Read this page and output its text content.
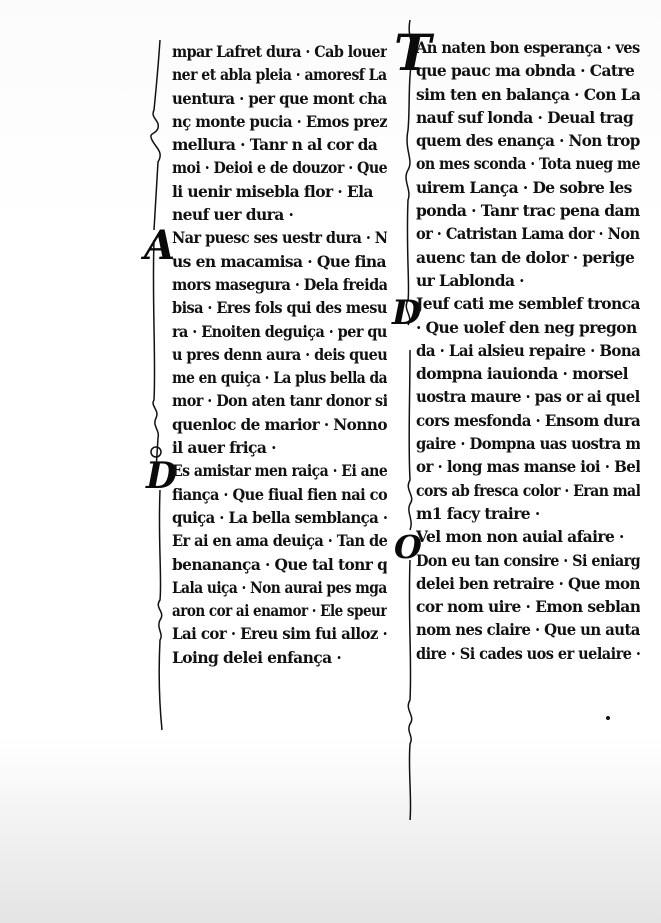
A
D
T
D
O
mpar Lafret dura · Cab louer
ner et abla pleia · amoresf La
uentura · per que mont cha
nç monte pucia · Emos prez
mellura · Tanr n al cor da
moi · Deioi e de douzor · Que
li uenir misebla flor · Ela
neuf uer dura ·
Nar puesc ses uestr dura · N
us en macamisa · Que fina
mors masegura · Dela freida
bisa · Eres fols qui des mesu
ra · Enoiten deguiça · per qu
u pres denn aura · deis queu
me en quiça · La plus bella da
mor · Don aten tanr donor si
quenloc de marior · Nonno
il auer friça ·
Es amistar men raiça · Ei ane
fiança · Que fiual fien nai co
quiça · La bella semblança ·
Er ai en ama deuiça · Tan de
benanança · Que tal tonr q
Lala uiça · Non aurai pes mga
aron cor ai enamor · Ele speur
Lai cor · Ereu sim fui alloz ·
Loing delei enfança ·
An naten bon esperança · ves
que pauc ma obnda · Catre
sim ten en balança · Con La
nauf suf londa · Deual trag
quem des enança · Non trop
on mes sconda · Tota nueg me
uirem Lança · De sobre les
ponda · Tanr trac pena dam
or · Catristan Lama dor · Non
auenc tan de dolor · perige
ur Lablonda ·
Jeuf cati me semblef tronca
· Que uolef den neg pregon
da · Lai alsieu repaire · Bona
dompna iauionda · morsel
uostra maure · pas or ai quel
cors mesfonda · Ensom dura
gaire · Dompna uas uostra m
or · long mas manse ioi · Bel
cors ab fresca color · Eran mal
m1 facy traire ·
Vel mon non auial afaire ·
Don eu tan consire · Si eniarg
delei ben retraire · Que mon
cor nom uire · Emon seblan
nom nes claire · Que un auta
dire · Si cades uos er uelaire ·
